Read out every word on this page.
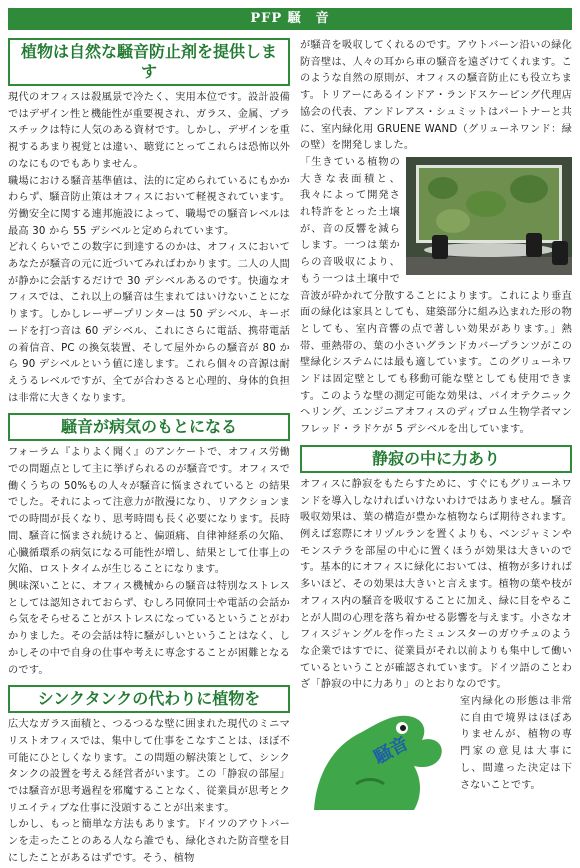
PFP 騒　音
植物は自然な騒音防止剤を提供します

現代のオフィスは殺風景で冷たく、実用本位です。設計設備ではデザイン性と機能性が重要視され、ガラス、金属、プラスチックは特に人気のある資材です。しかし、デザインを重視するあまり視覚とは違い、聴覚にとってこれらは恐怖以外のなにものでもありません。

職場における騒音基準値は、法的に定められているにもかかわらず、騒音防止策はオフィスにおいて軽視されています。労働安全に関する連邦施設によって、職場での騒音レベルは最高 30 から 55 デシベルと定められています。

どれくらいでこの数字に到達するのかは、オフィスにおいてあなたが騒音の元に近づいてみればわかります。二人の人間が静かに会話するだけで 30 デシベルあるのです。快適なオフィスでは、これ以上の騒音は生まれてはいけないことになります。しかしレーザープリンターは 50 デシベル、キーボードを打つ音は 60 デシベル、これにさらに電話、携帯電話の着信音、PC の換気装置、そして屋外からの騒音が 80 から 90 デシベルという値に達します。これら個々の音源は耐えうるレベルですが、全てが合わさると心理的、身体的負担は非常に大きくなります。

騒音が病気のもとになる

フォーラム『よりよく聞く』のアンケートで、オフィス労働での問題点として主に挙げられるのが騒音です。オフィスで働くうちの 50%もの人々が騒音に悩まされていると の結果でした。それによって注意力が散漫になり、リアクションまでの時間が長くなり、思考時間も長く必要になります。長時間、騒音に悩まされ続けると、偏頭痛、自律神経系の欠陥、心臓循環系の病気になる可能性が増し、結果として仕事上の欠陥、ロストタイムが生じることになります。

興味深いことに、オフィス機械からの騒音は特別なストレスとしては認知されておらず、むしろ同僚同士や電話の会話から気をそらせることがストレスになっているということがわかりました。その会話は特に騒がしいということはなく、しかしその中で自身の仕事や考えに専念することが困難となるのです。

シンクタンクの代わりに植物を

広大なガラス面積と、つるつるな壁に囲まれた現代のミニマリストオフィスでは、集中して仕事をこなすことは、ほぼ不可能にひとしくなります。この問題の解決策として、シンクタンクの設置を考える経営者がいます。この「静寂の部屋」では騒音が思考過程を邪魔することなく、従業員が思考とクリエイティブな仕事に没頭することが出来ます。

しかし、もっと簡単な方法もあります。ドイツのアウトバーンを走ったことのある人なら誰でも、緑化された防音壁を目にしたことがあるはずです。そう、植物

が騒音を吸収してくれるのです。アウトバーン沿いの緑化防音壁は、人々の耳から車の騒音を遠ざけてくれます。このような自然の原則が、オフィスの騒音防止にも役立ちます。トリアーにあるインドア・ランドスケーピング代理店協会の代表、アンドレアス・シュミットはパートナーと共に、室内緑化用 GRUENE WAND（グリューネワンド：緑の壁）を開発しました。

「生きている植物の大きな表面積と、我々によって開発され特許をとった土壌が、音の反響を減らします。一つは葉からの音吸収により、もう一つは土壌中で音波が砕かれて分散することによります。これにより垂直面の緑化は家具としても、建築部分に組み込まれた形の物としても、室内音響の点で著しい効果があります。」熱帯、亜熱帯の、葉の小さいグランドカバープランツがこの壁緑化システムには最も適しています。このグリューネワンドは固定壁としても移動可能な壁としても使用できます。このような壁の測定可能な効果は、バイオテクニックヘリング、エンジニアオフィスのディプロム生物学者マンフレッド・ラドケが 5 デシベルを出しています。

静寂の中に力あり

オフィスに静寂をもたらすために、すぐにもグリューネワンドを導入しなければいけないわけではありません。騒音吸収効果は、葉の構造が豊かな植物ならば期待されます。例えば窓際にオリヅルランを置くよりも、ベンジャミンやモンステラを部屋の中心に置くほうが効果は大きいのです。基本的にオフィスに緑化においては、植物が多ければ多いほど、その効果は大きいと言えます。植物の葉や枝がオフィス内の騒音を吸収することに加え、緑に目をやることが人間の心理を落ち着かせる影響を与えます。小さなオフィスジャングルを作ったミュンスターのガウチュのような企業ではすでに、従業員がそれ以前よりも集中して働いているということが確認されています。ドイツ語のことわざ「静寂の中に力あり」のとおりなのです。

騒音

室内緑化の形態は非常に自由で境界はほぼありませんが、植物の専門家の意見は大事にし、間違った決定は下さないことです。
